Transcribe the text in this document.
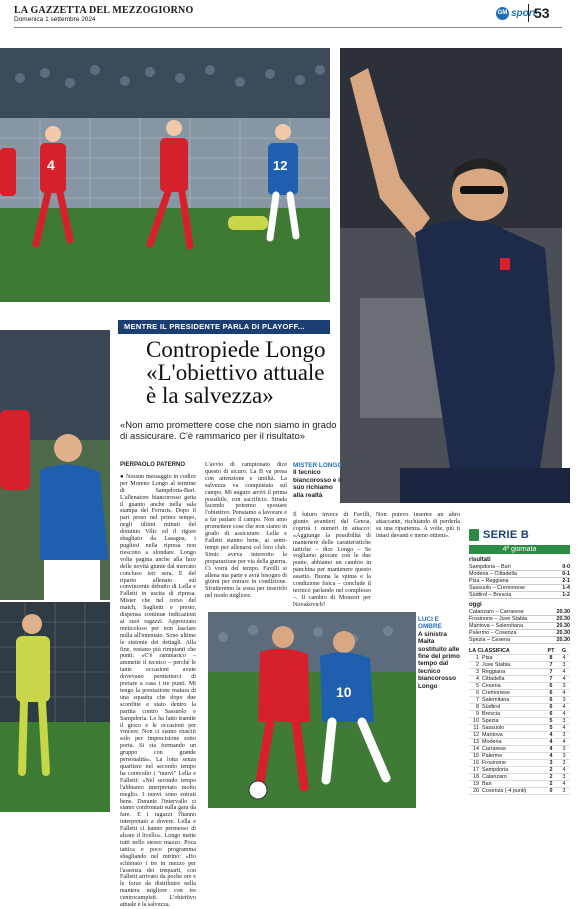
LA GAZZETTA DEL MEZZOGIORNO
Domenica 1 settembre 2024
GM sport
53
4	12
10
MENTRE IL PRESIDENTE PARLA DI PLAYOFF...
Contropiede Longo «L'obiettivo attuale è la salvezza»
«Non amo promettere cose che non siamo in grado di assicurare. C'è rammarico per il risultato»
PIERPAOLO PATERNO
● Nessun messaggio in codice per Moreno Longo al termine di Sampdoria-Bari. L'allenatore biancorosso getta il guanto anche nella sala stampa del Ferraris. Dopo il pari preso nel primo tempo, negli ultimi minuti del dominio Vilic ed il rigore sbagliato da Lasagna, i pugliesi nella ripresa non riescono a sfondare. Longo volta pagina anche alla luce delle novità giunte dal mercato concluso ieri sera. E del riparto allenato sul convincente debutto di Lella e Falletti in uscita di ripresa. Mister che nel corso del match, Saglietti e presto, dispensa continue indicazioni ai suoi ragazzi. Apprezzato meticoloso per non lasciare nulla all'intentato. Sono ultime le sintonie dei dettagli. Alla fine, restano più rimpianti che punti: «C'è rammarico – ammette il tecnico – perché le tante occasioni avute dovevano permetterci di portare a casa i tre punti. Mi tengo la prestazione matura di una squadra che dopo due sconfitte e stato dentro la partita contro Sassuolo e Sampdoria. Lo ha fatto tramite il gioco e le occasioni per vincere. Non ci siamo riusciti solo per imprecisione sotto porta. Si sta formando un gruppo con grande personalità». La lotta senza quartiere nel secondo tempo ha coinvolto i "nuovi" Lella e Falletti: «Nel secondo tempo l'abbiamo interpretato molto meglio. I nuovi sono entrati bene. Durante l'intervallo ci siamo confrontati sulla gara da fare. E i ragazzi l'hanno interpretato a dovere. Lella e Falletti ci hanno permesso di alzare il livello». Longo mette tutti nello stesso mazzo. Poca tattica e poco programma sbagliando nel mirino: «Ho schierato i tre in mezzo per l'assenza dei trequarti, con Falletti arrivato da poche ore e le forze da distribuire nella maniera migliore con tre centrocampisti. L'obiettivo attuale è la salvezza.
L'avvio di campionato dice questo di sicuro. La B va presa con attenzione e umiltà. La salvezza va conquistata sul campo. Mi auguro arrivi il prima possibile, con sacrificio. Strada facendo potremo spostare l'obiettivo. Pensiamo a lavorare e a far parlare il campo. Non amo promettere cose che non siamo in grado di assicurare. Lella e Falletti stanno bene, ai semi-tempi per allenarsi col loro club. Simic aveva interrotto la preparazione per via della guerra. Ci vorrà del tempo. Favilli si allena ma parte e avrà bisogno di giorni per entrare in condizione. Sfrutteremo la sosta per inserirlo nel modo migliore.
Il futuro invece di Favilli, giunto avantieri dal Genoa, coprirà i numeri in attacco: «Aggiunge la possibilità di mantenere delle caratteristiche tattiche – dice Longo – Se vogliamo giocare con le due punte, abbiamo un cambio in panchina per mantenere questo assetto. Buona la spinta e la condizione fisica – conclude il tecnico parlando nel complesso –. Il cambio di Monzeri per Novakovich?
Non potevo inserire un altro attaccante, rischiando di perderla su una ripartenza. A volte, più ti intasi davanti e meno ottieni».
MISTER LONGO
Il tecnico biancorosso e il suo richiamo alla realtà
LUCI E OMBRE
A sinistra Maita sostituito alle fine del primo tempo dal tecnico biancorosso Longo
SERIE B
4ª giornata
risultati
Sampdoria – Bari	0-0
Modena – Cittadella	0-1
Pisa – Reggiana	2-1
Sassuolo – Cremonese	1-4
Südtirol – Brescia	1-2
oggi
Catanzaro – Carrarese	20.30
Frosinone – Juve Stabia	20.30
Mantova – Salernitana	20.30
Palermo – Cosenza	20.30
Spezia – Cesena	20.30
LA CLASSIFICA	PT	G
1 Pisa	8	4
2 Juve Stabia	7	3
3 Reggiana	7	4
4 Cittadella	7	4
5 Cesena	6	3
6 Cremonese	6	4
7 Salernitana	6	3
8 Südtirol	6	4
9 Brescia	6	4
10 Spezia	5	3
11 Sassuolo	5	4
12 Mantova	4	3
13 Modena	4	4
14 Carrarese	4	3
15 Palermo	4	3
16 Frosinone	3	3
17 Sampdoria	2	4
18 Catanzaro	2	3
19 Bari	2	4
20 Cosenza (-4 punti)	0	3
